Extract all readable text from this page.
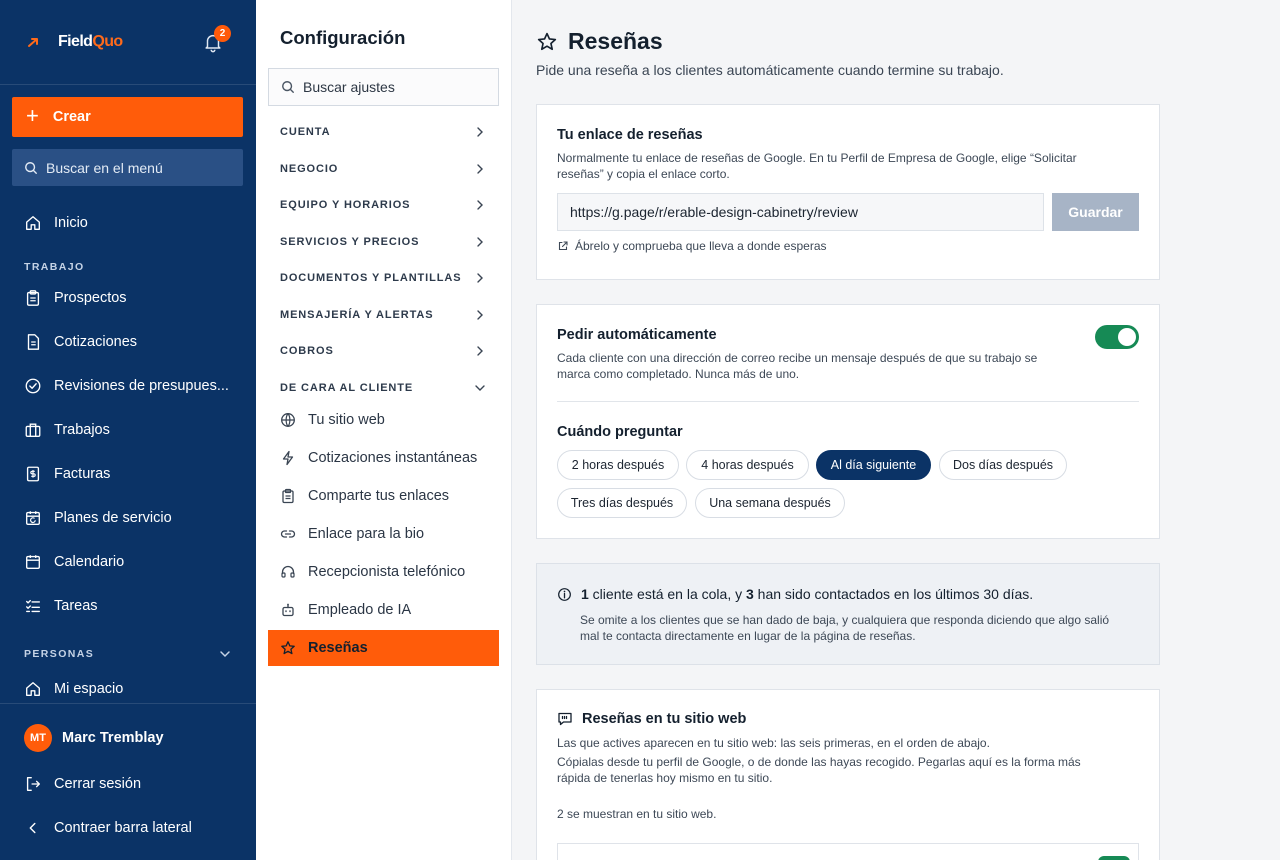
FieldQuo	2
+ Crear
Buscar en el menú
Inicio
TRABAJO
Prospectos
Cotizaciones
Revisiones de presupues...
Trabajos
Facturas
Planes de servicio
Calendario
Tareas
PERSONAS
Mi espacio
MT	Marc Tremblay
Cerrar sesión
Contraer barra lateral
Configuración
Buscar ajustes
CUENTA
NEGOCIO
EQUIPO Y HORARIOS
SERVICIOS Y PRECIOS
DOCUMENTOS Y PLANTILLAS
MENSAJERÍA Y ALERTAS
COBROS
DE CARA AL CLIENTE
Tu sitio web
Cotizaciones instantáneas
Comparte tus enlaces
Enlace para la bio
Recepcionista telefónico
Empleado de IA
Reseñas
Reseñas
Pide una reseña a los clientes automáticamente cuando termine su trabajo.
Tu enlace de reseñas
Normalmente tu enlace de reseñas de Google. En tu Perfil de Empresa de Google, elige “Solicitar
reseñas” y copia el enlace corto.
https://g.page/r/erable-design-cabinetry/review	Guardar
Ábrelo y comprueba que lleva a donde esperas
Pedir automáticamente
Cada cliente con una dirección de correo recibe un mensaje después de que su trabajo se
marca como completado. Nunca más de uno.
Cuándo preguntar
2 horas después	4 horas después	Al día siguiente	Dos días después
Tres días después	Una semana después
1 cliente está en la cola, y 3 han sido contactados en los últimos 30 días.
Se omite a los clientes que se han dado de baja, y cualquiera que responda diciendo que algo salió
mal te contacta directamente en lugar de la página de reseñas.
Reseñas en tu sitio web
Las que actives aparecen en tu sitio web: las seis primeras, en el orden de abajo.
Cópialas desde tu perfil de Google, o de donde las hayas recogido. Pegarlas aquí es la forma más
rápida de tenerlas hoy mismo en tu sitio.
2 se muestran en tu sitio web.
